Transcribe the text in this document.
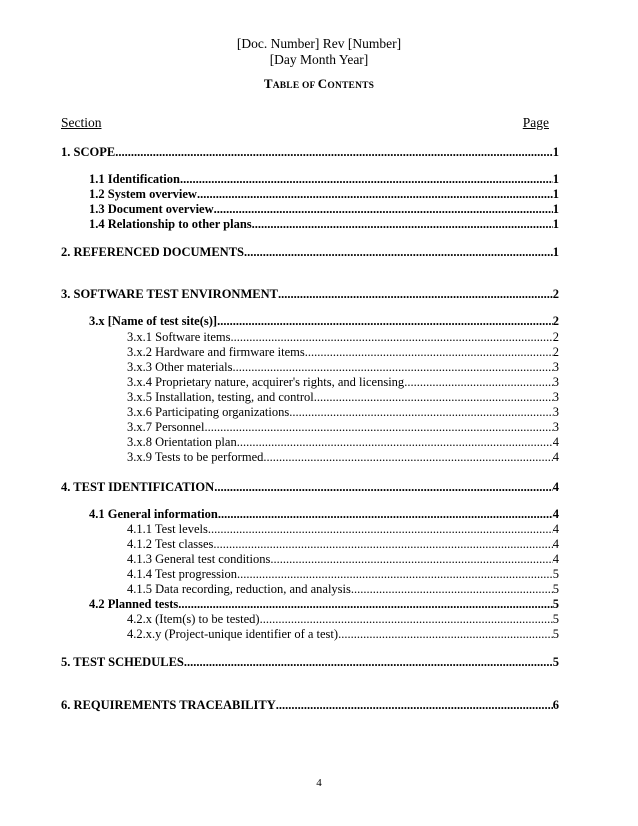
[Doc. Number] Rev [Number]
[Day Month Year]
TABLE OF CONTENTS
Section	Page
1. SCOPE .....	1
1.1 Identification .....	1
1.2 System overview .....	1
1.3 Document overview .....	1
1.4 Relationship to other plans .....	1
2. REFERENCED DOCUMENTS .....	1
3. SOFTWARE TEST ENVIRONMENT .....	2
3.x [Name of test site(s)] .....	2
3.x.1 Software items .....	2
3.x.2 Hardware and firmware items .....	2
3.x.3 Other materials .....	3
3.x.4 Proprietary nature, acquirer's rights, and licensing .....	3
3.x.5 Installation, testing, and control .....	3
3.x.6 Participating organizations .....	3
3.x.7 Personnel .....	3
3.x.8 Orientation plan .....	4
3.x.9 Tests to be performed .....	4
4. TEST IDENTIFICATION .....	4
4.1 General information .....	4
4.1.1 Test levels .....	4
4.1.2 Test classes .....	4
4.1.3 General test conditions .....	4
4.1.4 Test progression .....	5
4.1.5 Data recording, reduction, and analysis .....	5
4.2 Planned tests .....	5
4.2.x (Item(s) to be tested) .....	5
4.2.x.y (Project-unique identifier of a test) .....	5
5. TEST SCHEDULES .....	5
6. REQUIREMENTS TRACEABILITY .....	6
4
